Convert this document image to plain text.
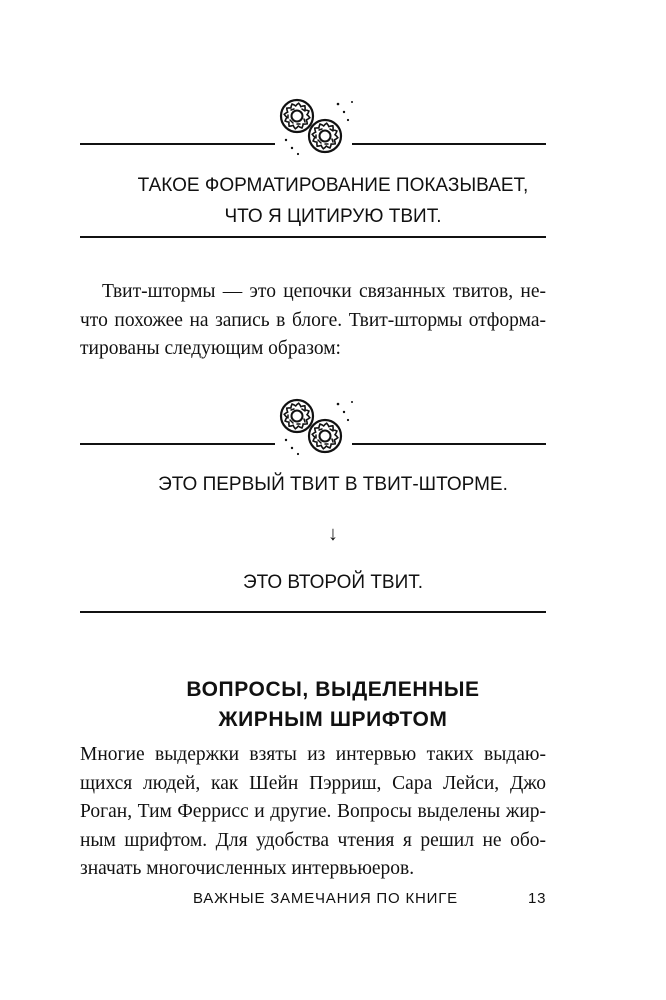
ТАКОЕ ФОРМАТИРОВАНИЕ ПОКАЗЫВАЕТ,
ЧТО Я ЦИТИРУЮ ТВИТ.
Твит-штормы — это цепочки связанных твитов, не-
что похожее на запись в блоге. Твит-штормы отформа-
тированы следующим образом:
ЭТО ПЕРВЫЙ ТВИТ В ТВИТ-ШТОРМЕ.
↓
ЭТО ВТОРОЙ ТВИТ.
ВОПРОСЫ, ВЫДЕЛЕННЫЕ
ЖИРНЫМ ШРИФТОМ
Многие выдержки взяты из интервью таких выдаю-
щихся людей, как Шейн Пэрриш, Сара Лейси, Джо
Роган, Тим Феррисс и другие. Вопросы выделены жир-
ным шрифтом. Для удобства чтения я решил не обо-
значать многочисленных интервьюеров.
ВАЖНЫЕ ЗАМЕЧАНИЯ ПО КНИГЕ	13
